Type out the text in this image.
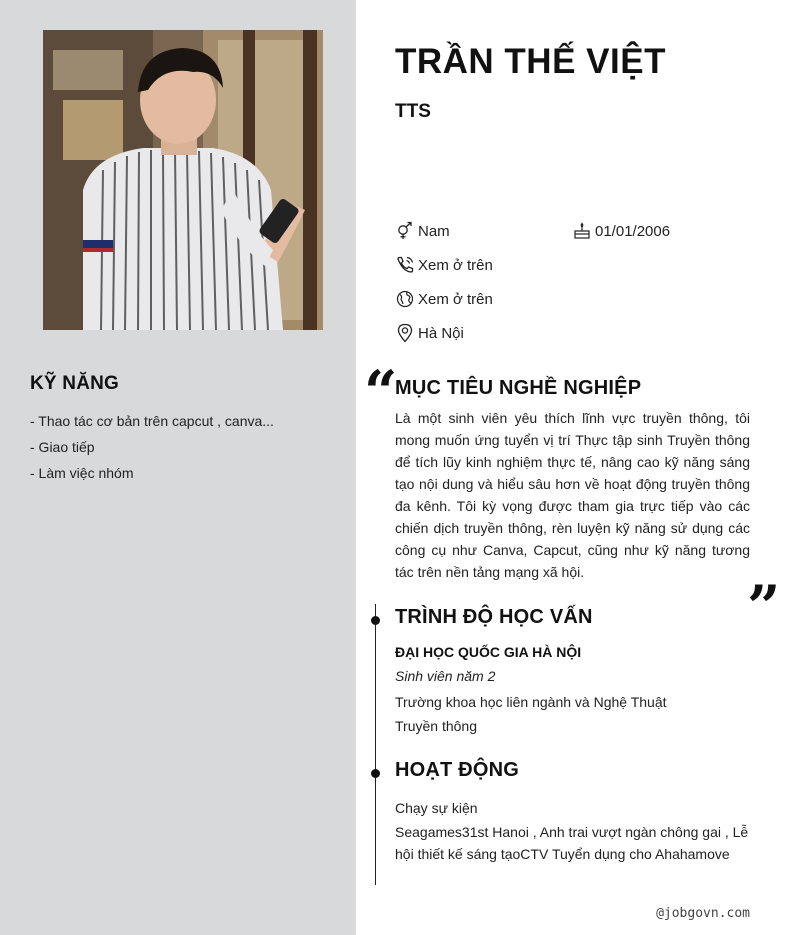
KỸ NĂNG
- Thao tác cơ bản trên capcut , canva...
- Giao tiếp
- Làm việc nhóm
TRẦN THẾ VIỆT
TTS
Nam	01/01/2006
Xem ở trên
Xem ở trên
Hà Nội
“
MỤC TIÊU NGHỀ NGHIỆP
Là một sinh viên yêu thích lĩnh vực truyền thông, tôi mong muốn ứng tuyển vị trí Thực tập sinh Truyền thông để tích lũy kinh nghiệm thực tế, nâng cao kỹ năng sáng tạo nội dung và hiểu sâu hơn về hoạt động truyền thông đa kênh. Tôi kỳ vọng được tham gia trực tiếp vào các chiến dịch truyền thông, rèn luyện kỹ năng sử dụng các công cụ như Canva, Capcut, cũng như kỹ năng tương tác trên nền tảng mạng xã hội.
”
TRÌNH ĐỘ HỌC VẤN
ĐẠI HỌC QUỐC GIA HÀ NỘI
Sinh viên năm 2
Trường khoa học liên ngành và Nghệ Thuật Truyền thông
HOẠT ĐỘNG
Chạy sự kiện
Seagames31st Hanoi , Anh trai vượt ngàn chông gai , Lễ hội thiết kế sáng tạoCTV Tuyển dụng cho Ahahamove
@jobgovn.com
